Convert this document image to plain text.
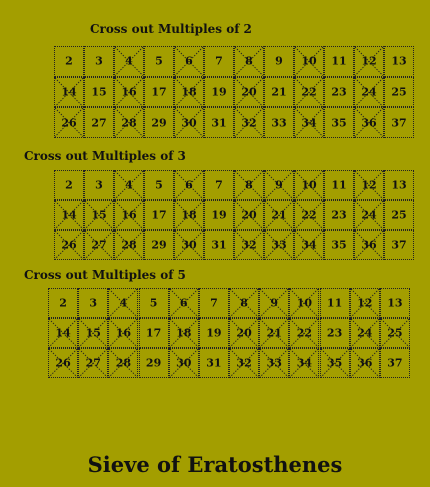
Cross out Multiples of 2
2	3	4	5	6	7	8	9	10	11	12	13
14	15	16	17	18	19	20	21	22	23	24	25
26	27	28	29	30	31	32	33	34	35	36	37
Cross out Multiples of 3
2	3	4	5	6	7	8	9	10	11	12	13
14	15	16	17	18	19	20	21	22	23	24	25
26	27	28	29	30	31	32	33	34	35	36	37
Cross out Multiples of 5
2	3	4	5	6	7	8	9	10	11	12	13
14	15	16	17	18	19	20	21	22	23	24	25
26	27	28	29	30	31	32	33	34	35	36	37
Sieve of Eratosthenes
